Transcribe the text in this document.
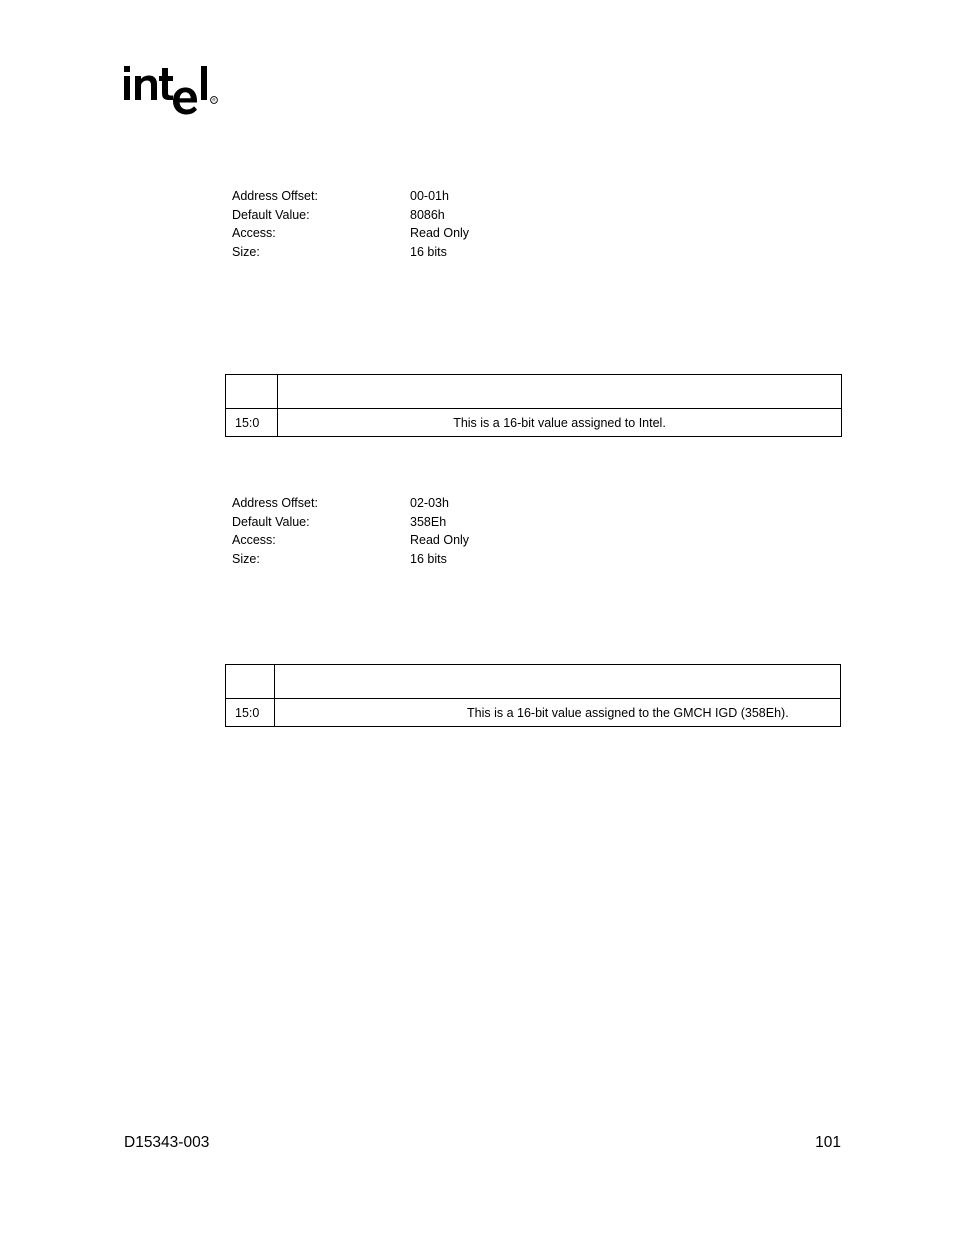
R
Address Offset:	00-01h
Default Value:	8086h
Access:	Read Only
Size:	16 bits

15:0	This is a 16-bit value assigned to Intel.
Address Offset:	02-03h
Default Value:	358Eh
Access:	Read Only
Size:	16 bits

15:0	This is a 16-bit value assigned to the GMCH IGD (358Eh).
D15343-003	101
